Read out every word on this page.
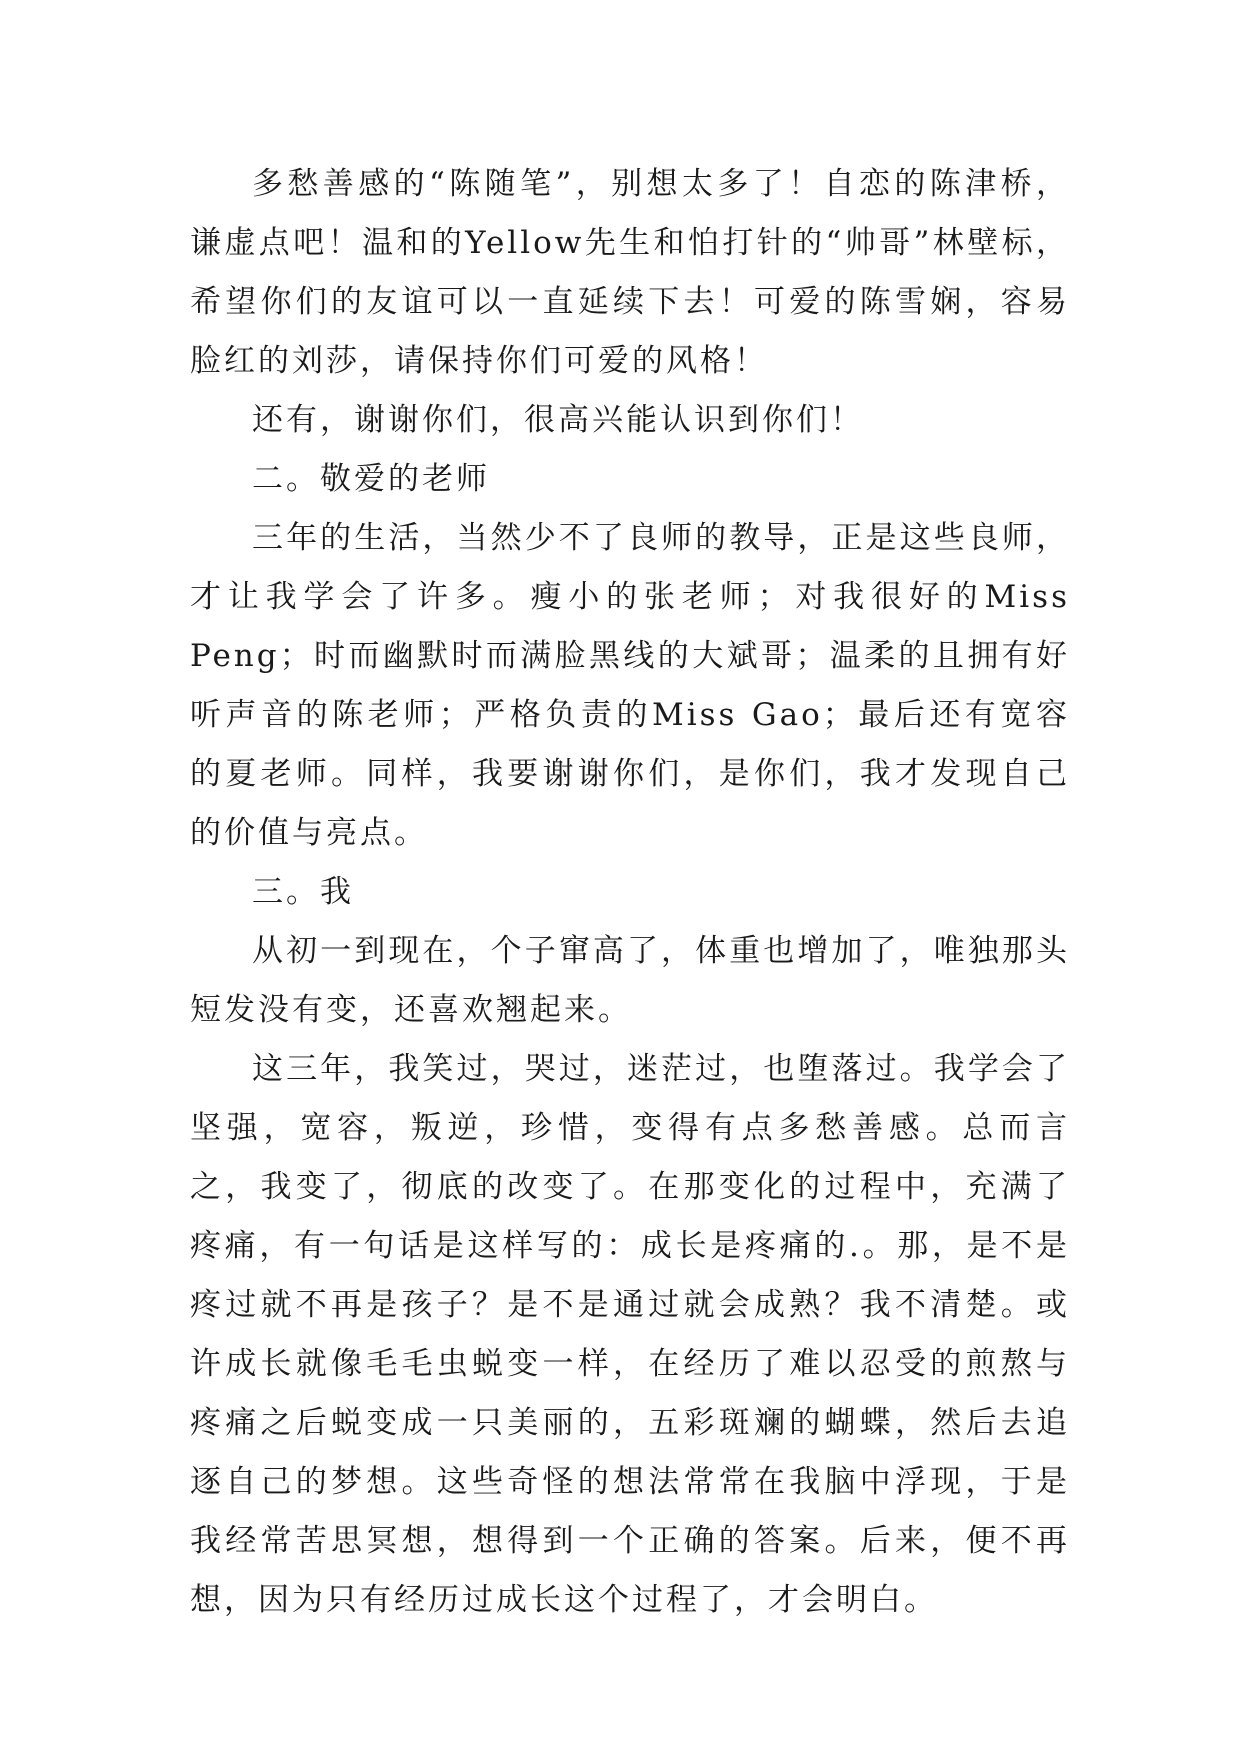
多愁善感的“陈随笔”，别想太多了！自恋的陈津桥，谦虚点吧！温和的Yellow先生和怕打针的“帅哥”林壁标，希望你们的友谊可以一直延续下去！可爱的陈雪娴，容易脸红的刘莎，请保持你们可爱的风格！

还有，谢谢你们，很高兴能认识到你们！

二。敬爱的老师

三年的生活，当然少不了良师的教导，正是这些良师，才让我学会了许多。瘦小的张老师；对我很好的Miss Peng；时而幽默时而满脸黑线的大斌哥；温柔的且拥有好听声音的陈老师；严格负责的Miss Gao；最后还有宽容的夏老师。同样，我要谢谢你们，是你们，我才发现自己的价值与亮点。

三。我

从初一到现在，个子窜高了，体重也增加了，唯独那头短发没有变，还喜欢翘起来。

这三年，我笑过，哭过，迷茫过，也堕落过。我学会了坚强，宽容，叛逆，珍惜，变得有点多愁善感。总而言之，我变了，彻底的改变了。在那变化的过程中，充满了疼痛，有一句话是这样写的：成长是疼痛的.。那，是不是疼过就不再是孩子？是不是通过就会成熟？我不清楚。或许成长就像毛毛虫蜕变一样，在经历了难以忍受的煎熬与疼痛之后蜕变成一只美丽的，五彩斑斓的蝴蝶，然后去追逐自己的梦想。这些奇怪的想法常常在我脑中浮现，于是我经常苦思冥想，想得到一个正确的答案。后来，便不再想，因为只有经历过成长这个过程了，才会明白。
